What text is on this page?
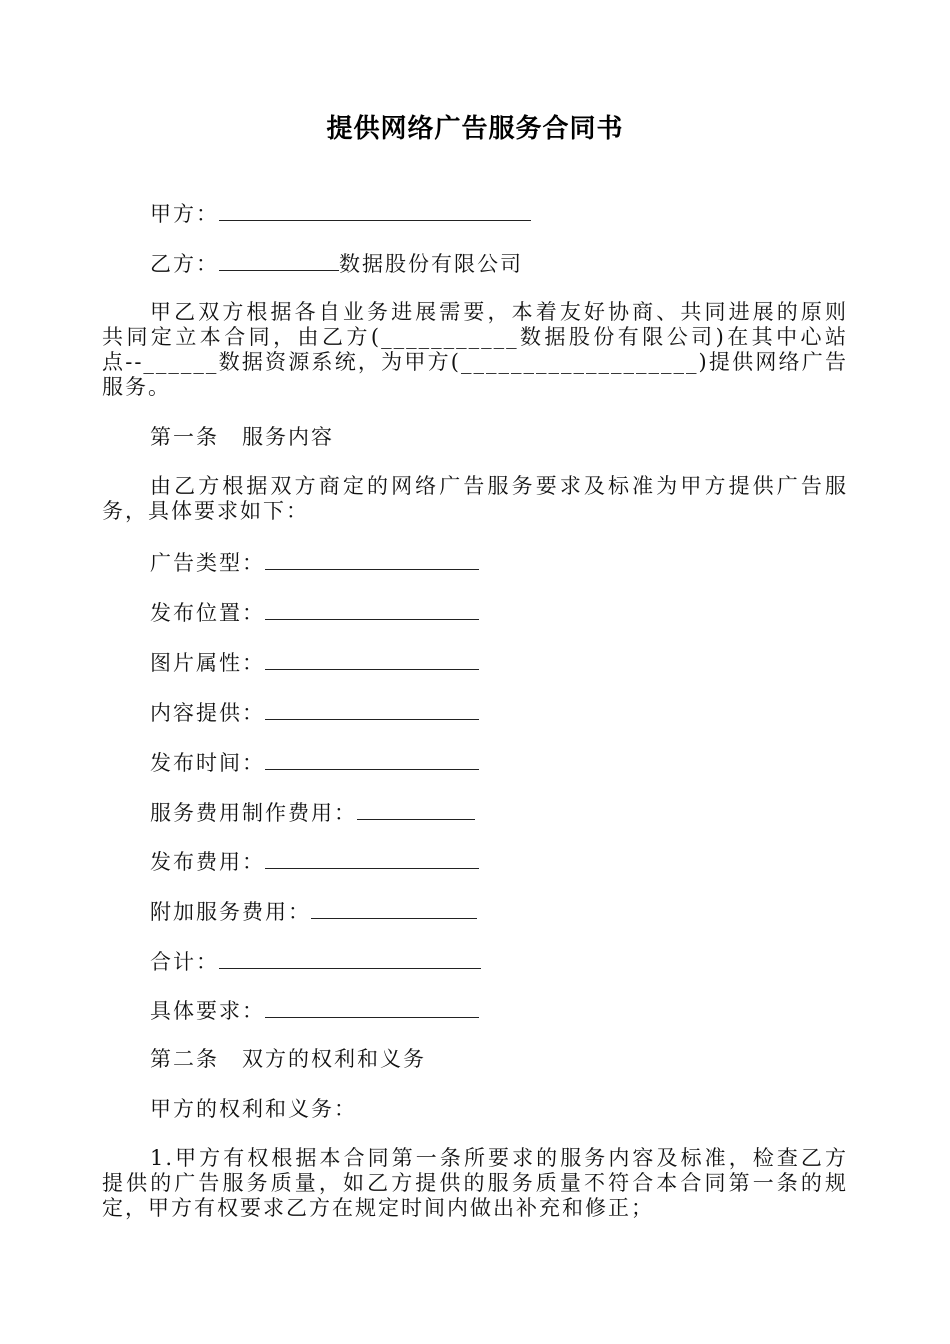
提供网络广告服务合同书
甲方：
乙方：	数据股份有限公司
甲乙双方根据各自业务进展需要，本着友好协商、共同进展的原则
共同定立本合同，由乙方(___________数据股份有限公司)在其中心站
点--______数据资源系统，为甲方(___________________)提供网络广告
服务。
第一条　服务内容
由乙方根据双方商定的网络广告服务要求及标准为甲方提供广告服
务，具体要求如下：
广告类型：
发布位置：
图片属性：
内容提供：
发布时间：
服务费用制作费用：
发布费用：
附加服务费用：
合计：
具体要求：
第二条　双方的权利和义务
甲方的权利和义务：
1.甲方有权根据本合同第一条所要求的服务内容及标准，检查乙方
提供的广告服务质量，如乙方提供的服务质量不符合本合同第一条的规
定，甲方有权要求乙方在规定时间内做出补充和修正；
